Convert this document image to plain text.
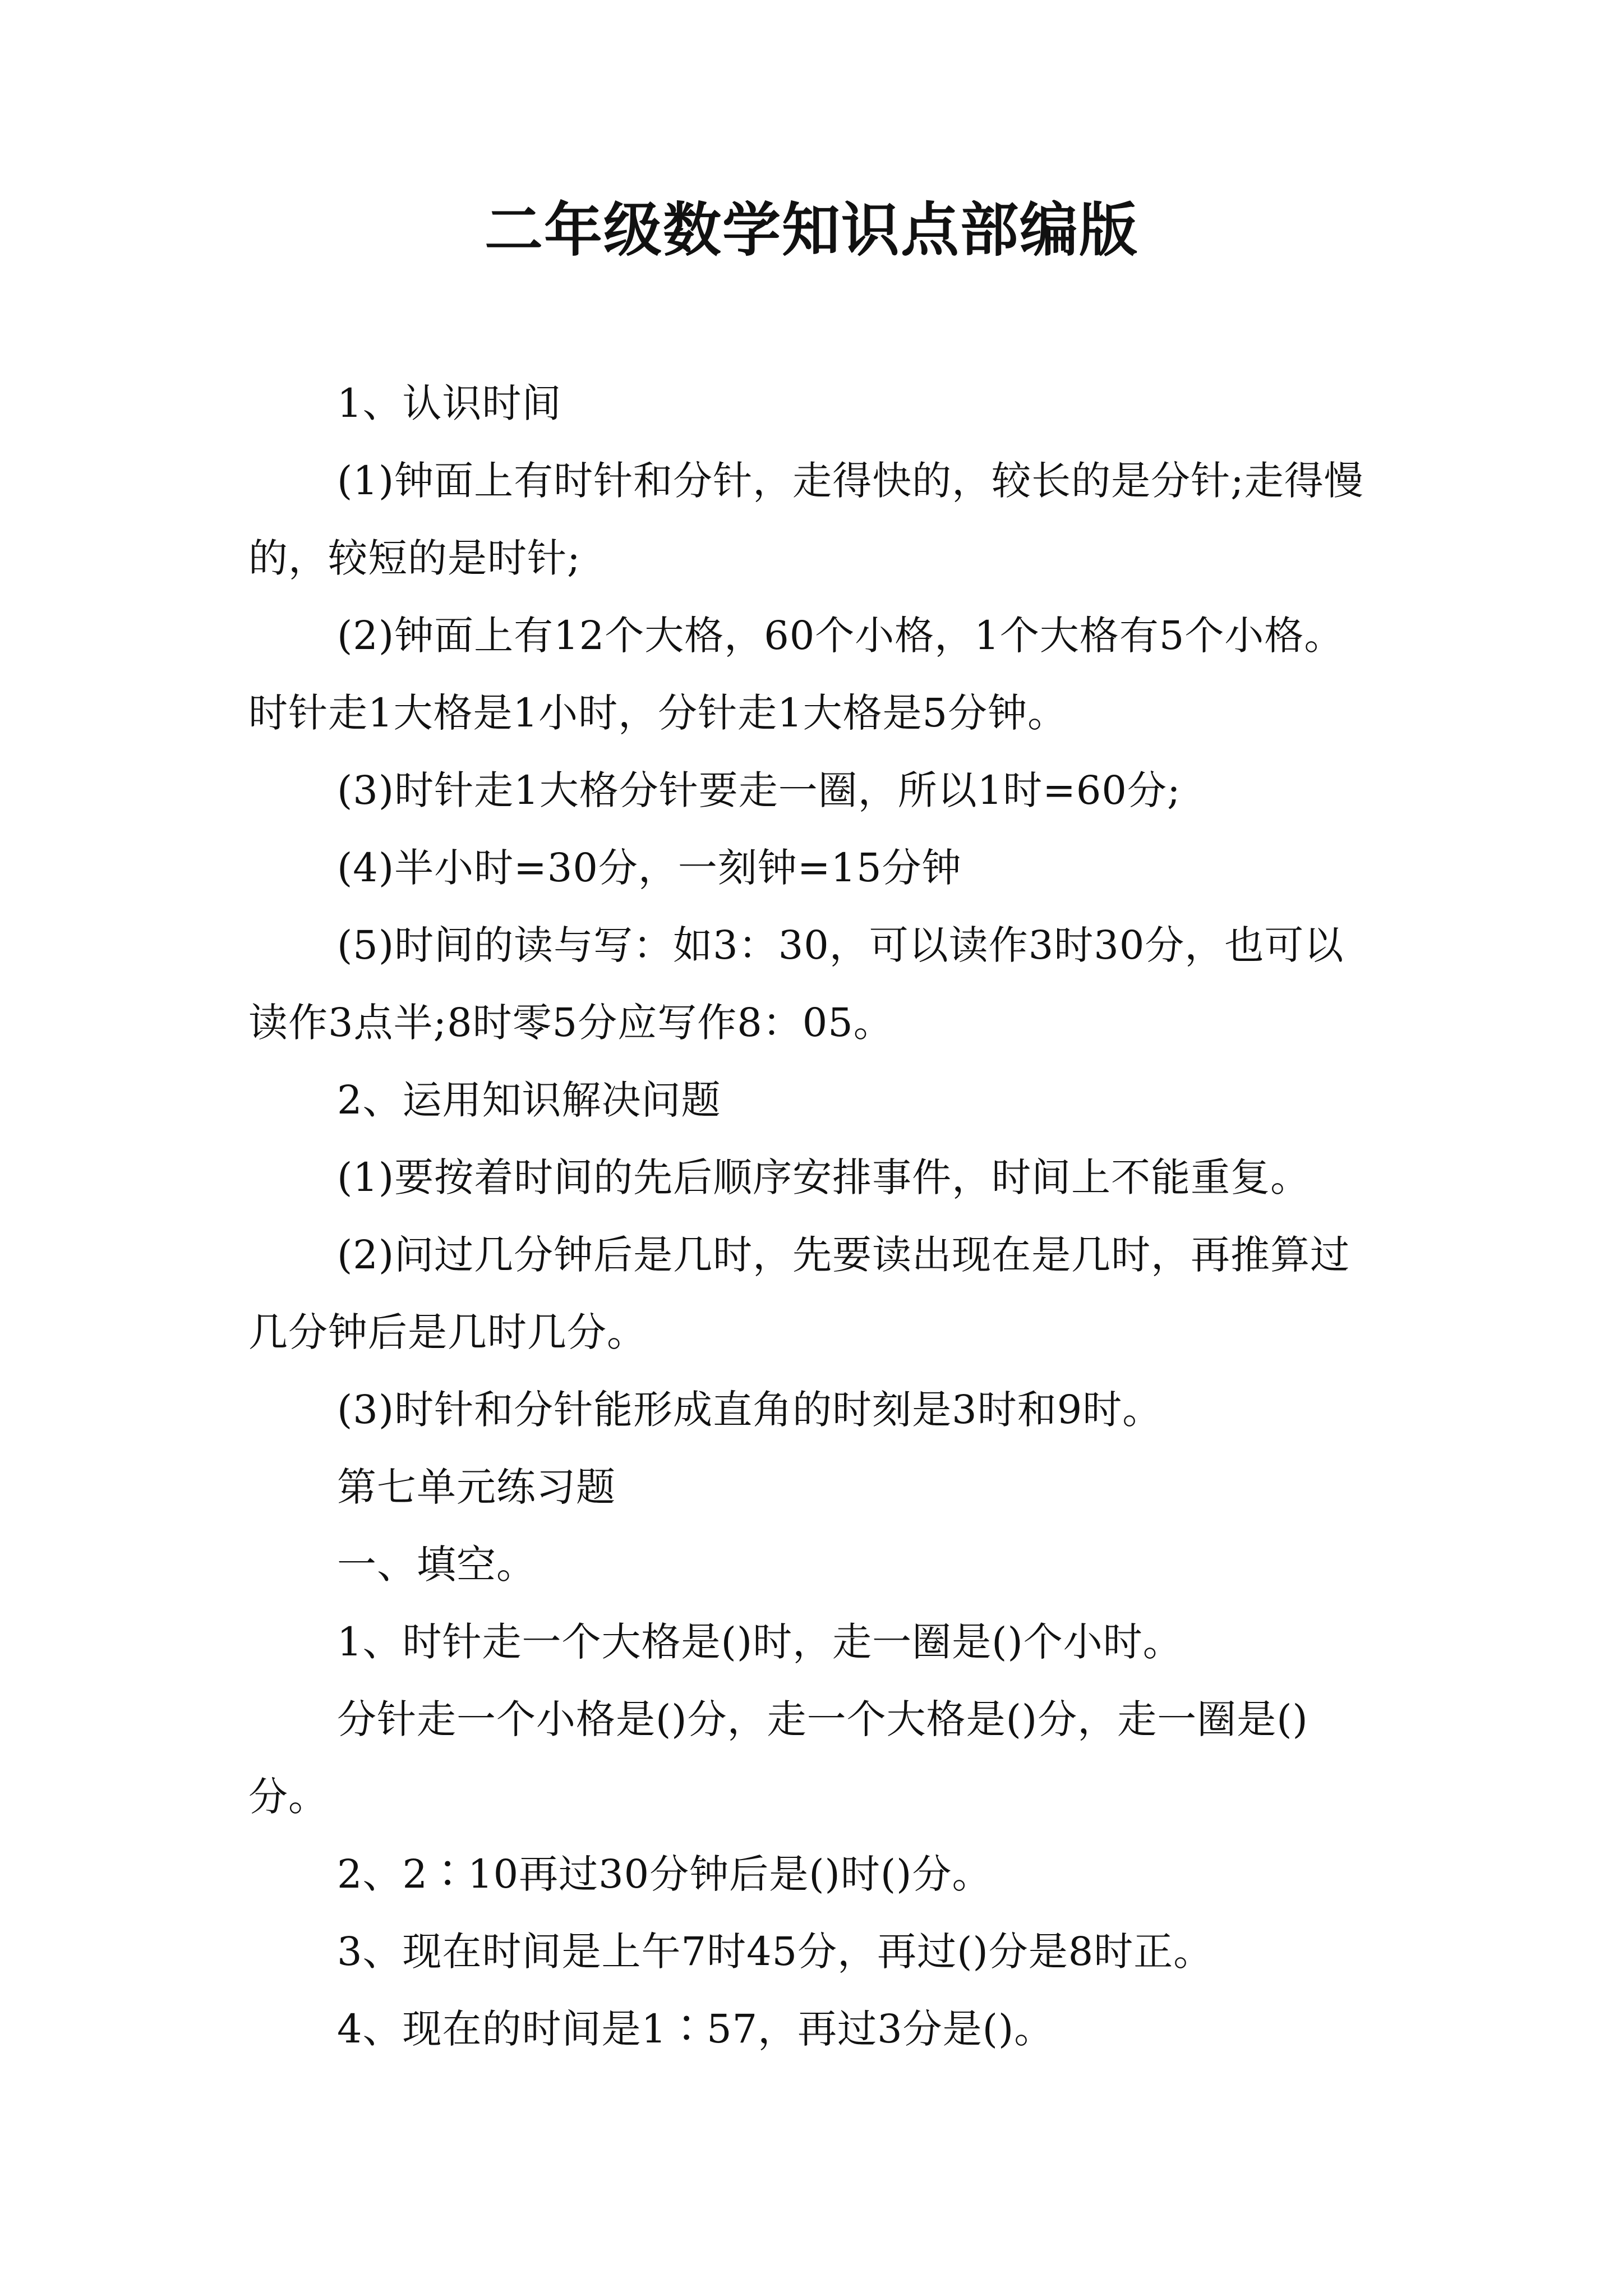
二年级数学知识点部编版

1、认识时间

(1)钟面上有时针和分针，走得快的，较长的是分针;走得慢的，较短的是时针;

(2)钟面上有12个大格，60个小格，1个大格有5个小格。时针走1大格是1小时，分针走1大格是5分钟。

(3)时针走1大格分针要走一圈，所以1时=60分;

(4)半小时=30分，一刻钟=15分钟

(5)时间的读与写：如3：30，可以读作3时30分，也可以读作3点半;8时零5分应写作8：05。

2、运用知识解决问题

(1)要按着时间的先后顺序安排事件，时间上不能重复。

(2)问过几分钟后是几时，先要读出现在是几时，再推算过几分钟后是几时几分。

(3)时针和分针能形成直角的时刻是3时和9时。

第七单元练习题

一、填空。

1、时针走一个大格是()时，走一圈是()个小时。

分针走一个小格是()分，走一个大格是()分，走一圈是()分。

2、2∶10再过30分钟后是()时()分。

3、现在时间是上午7时45分，再过()分是8时正。

4、现在的时间是1∶57，再过3分是()。
